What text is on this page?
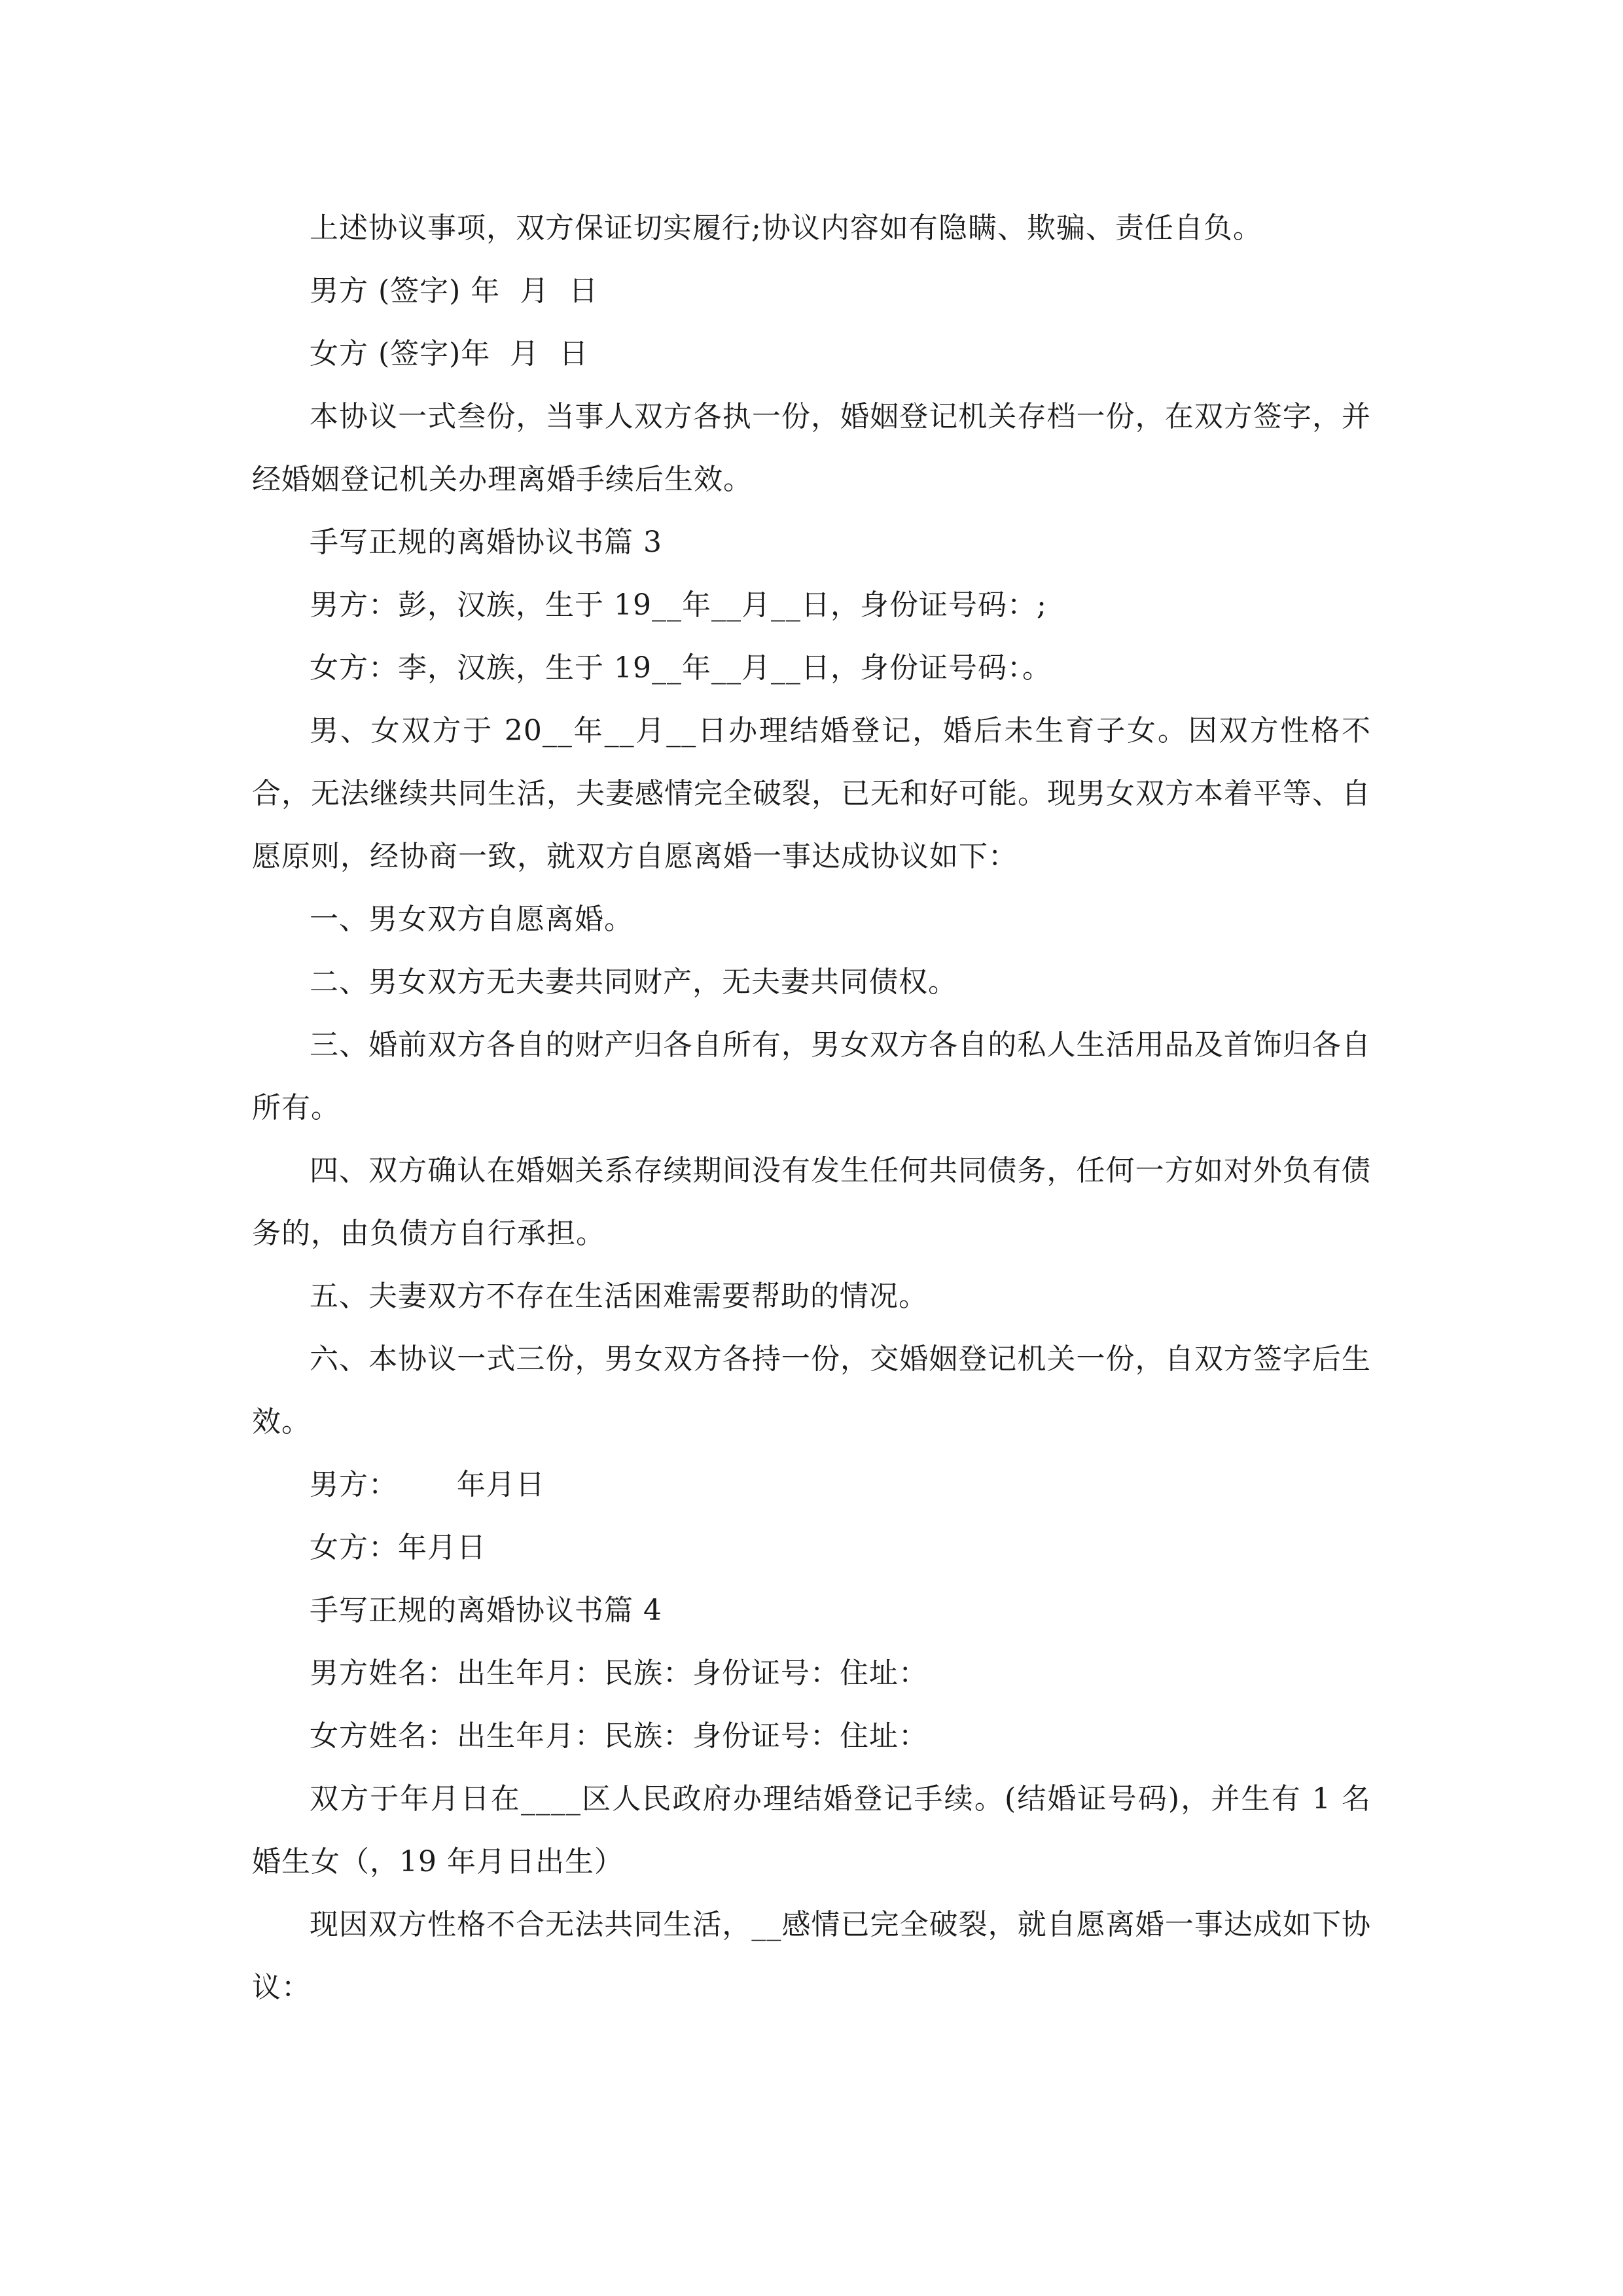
上述协议事项，双方保证切实履行;协议内容如有隐瞒、欺骗、责任自负。

男方 (签字) 年  月  日

女方 (签字)年  月  日

本协议一式叁份，当事人双方各执一份，婚姻登记机关存档一份，在双方签字，并经婚姻登记机关办理离婚手续后生效。

手写正规的离婚协议书篇 3

男方：彭，汉族，生于 19__年__月__日，身份证号码：;

女方：李，汉族，生于 19__年__月__日，身份证号码：。

男、女双方于 20__年__月__日办理结婚登记，婚后未生育子女。因双方性格不合，无法继续共同生活，夫妻感情完全破裂，已无和好可能。现男女双方本着平等、自愿原则，经协商一致，就双方自愿离婚一事达成协议如下：

一、男女双方自愿离婚。

二、男女双方无夫妻共同财产，无夫妻共同债权。

三、婚前双方各自的财产归各自所有，男女双方各自的私人生活用品及首饰归各自所有。

四、双方确认在婚姻关系存续期间没有发生任何共同债务，任何一方如对外负有债务的，由负债方自行承担。

五、夫妻双方不存在生活困难需要帮助的情况。

六、本协议一式三份，男女双方各持一份，交婚姻登记机关一份，自双方签字后生效。

男方：      年月日

女方：年月日

手写正规的离婚协议书篇 4

男方姓名：出生年月：民族：身份证号：住址：

女方姓名：出生年月：民族：身份证号：住址：

双方于年月日在____区人民政府办理结婚登记手续。(结婚证号码)，并生有 1 名婚生女（，19 年月日出生）

现因双方性格不合无法共同生活，__感情已完全破裂，就自愿离婚一事达成如下协议：
